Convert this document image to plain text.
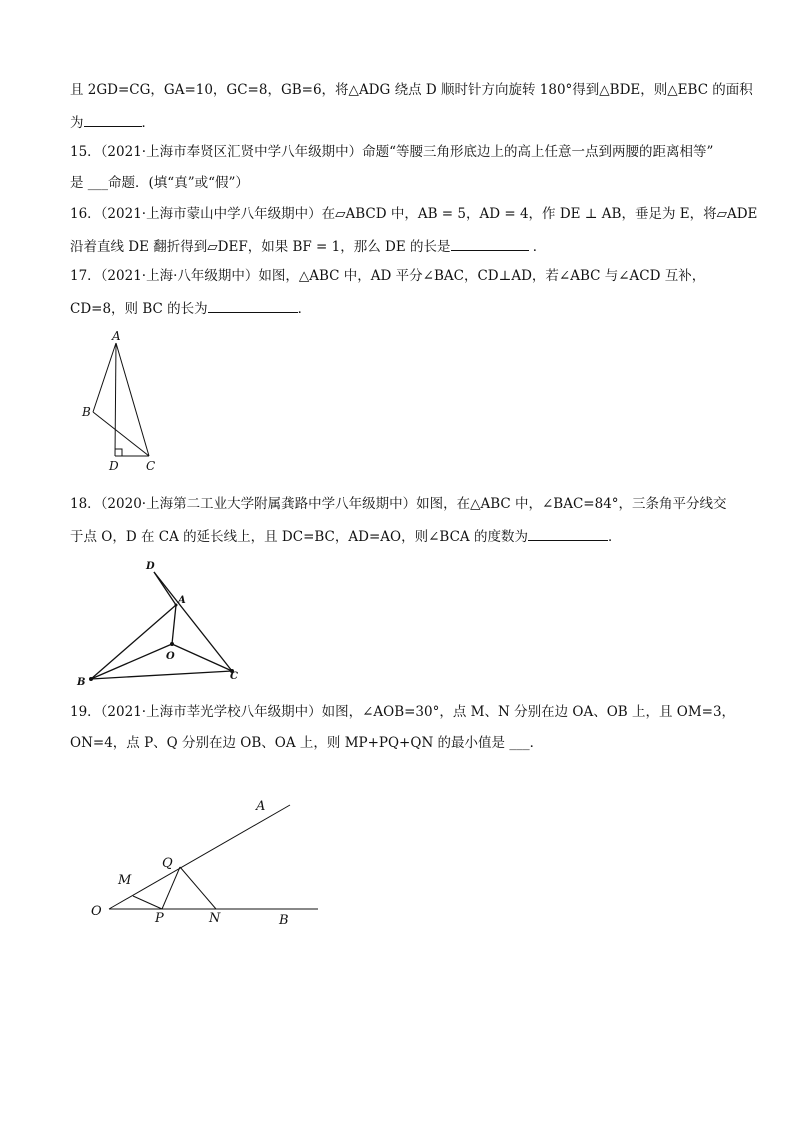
且 2GD=CG，GA=10，GC=8，GB=6，将△ADG 绕点 D 顺时针方向旋转 180°得到△BDE，则△EBC 的面积
为	．
15．（2021·上海市奉贤区汇贤中学八年级期中）命题“等腰三角形底边上的高上任意一点到两腰的距离相等”
是 ___命题．(填“真”或“假”）
16．（2021·上海市蒙山中学八年级期中）在▱ABCD 中，AB = 5，AD = 4，作 DE ⊥ AB，垂足为 E，将▱ADE
沿着直线 DE 翻折得到▱DEF，如果 BF = 1，那么 DE 的长是	．
17．（2021·上海·八年级期中）如图，△ABC 中，AD 平分∠BAC，CD⊥AD，若∠ABC 与∠ACD 互补，
CD=8，则 BC 的长为	．
A
B
D C
18．（2020·上海第二工业大学附属龚路中学八年级期中）如图，在△ABC 中，∠BAC=84°，三条角平分线交
于点 O，D 在 CA 的延长线上，且 DC=BC，AD=AO，则∠BCA 的度数为	．
D
A
O
B
C
19．（2021·上海市莘光学校八年级期中）如图，∠AOB=30°，点 M、N 分别在边 OA、OB 上，且 OM=3，
ON=4，点 P、Q 分别在边 OB、OA 上，则 MP+PQ+QN 的最小值是 ___．
A
Q
M
O	P	N	B
